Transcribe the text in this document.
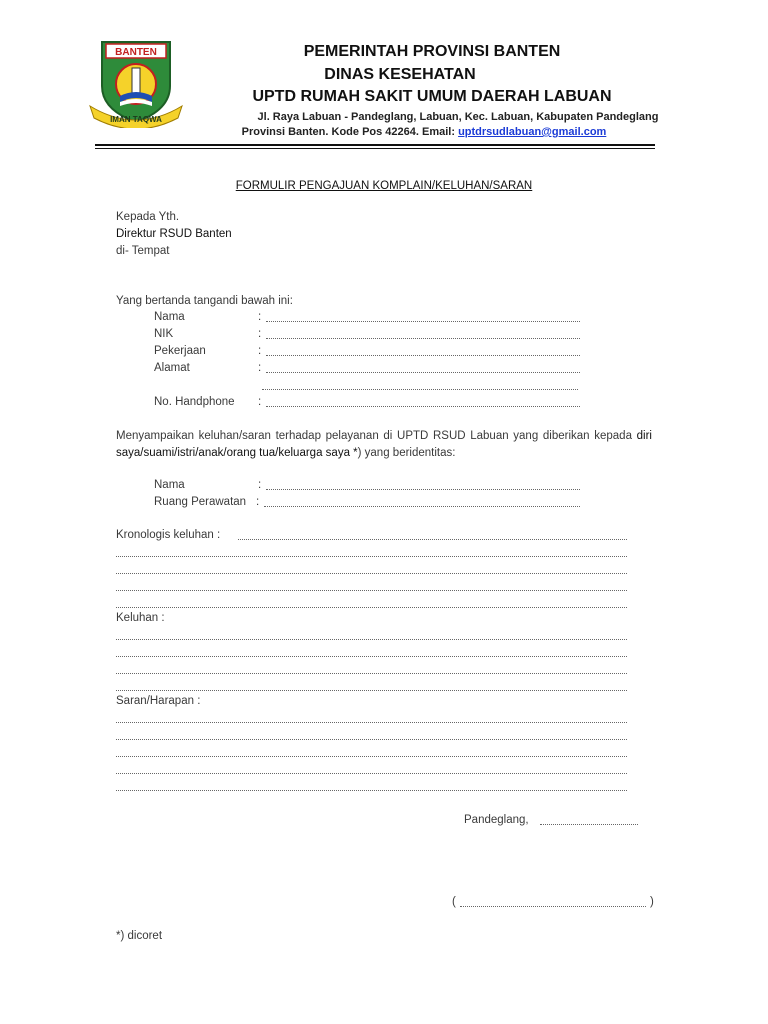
BANTEN
IMAN TAQWA
PEMERINTAH PROVINSI BANTEN
DINAS KESEHATAN
UPTD RUMAH SAKIT UMUM DAERAH LABUAN
Jl. Raya Labuan - Pandeglang, Labuan, Kec. Labuan, Kabupaten Pandeglang
Provinsi Banten. Kode Pos 42264. Email: uptdrsudlabuan@gmail.com
FORMULIR PENGAJUAN KOMPLAIN/KELUHAN/SARAN
Kepada Yth.
Direktur RSUD Banten
di- Tempat
Yang bertanda tangandi bawah ini:
Nama	:
NIK	:
Pekerjaan	:
Alamat	:
No. Handphone :
Menyampaikan keluhan/saran terhadap pelayanan di UPTD RSUD Labuan yang diberikan kepada diri saya/suami/istri/anak/orang tua/keluarga saya *) yang beridentitas:
Nama	:
Ruang Perawatan :
Kronologis keluhan :
Keluhan :
Saran/Harapan :
Pandeglang,
(	)
*) dicoret
